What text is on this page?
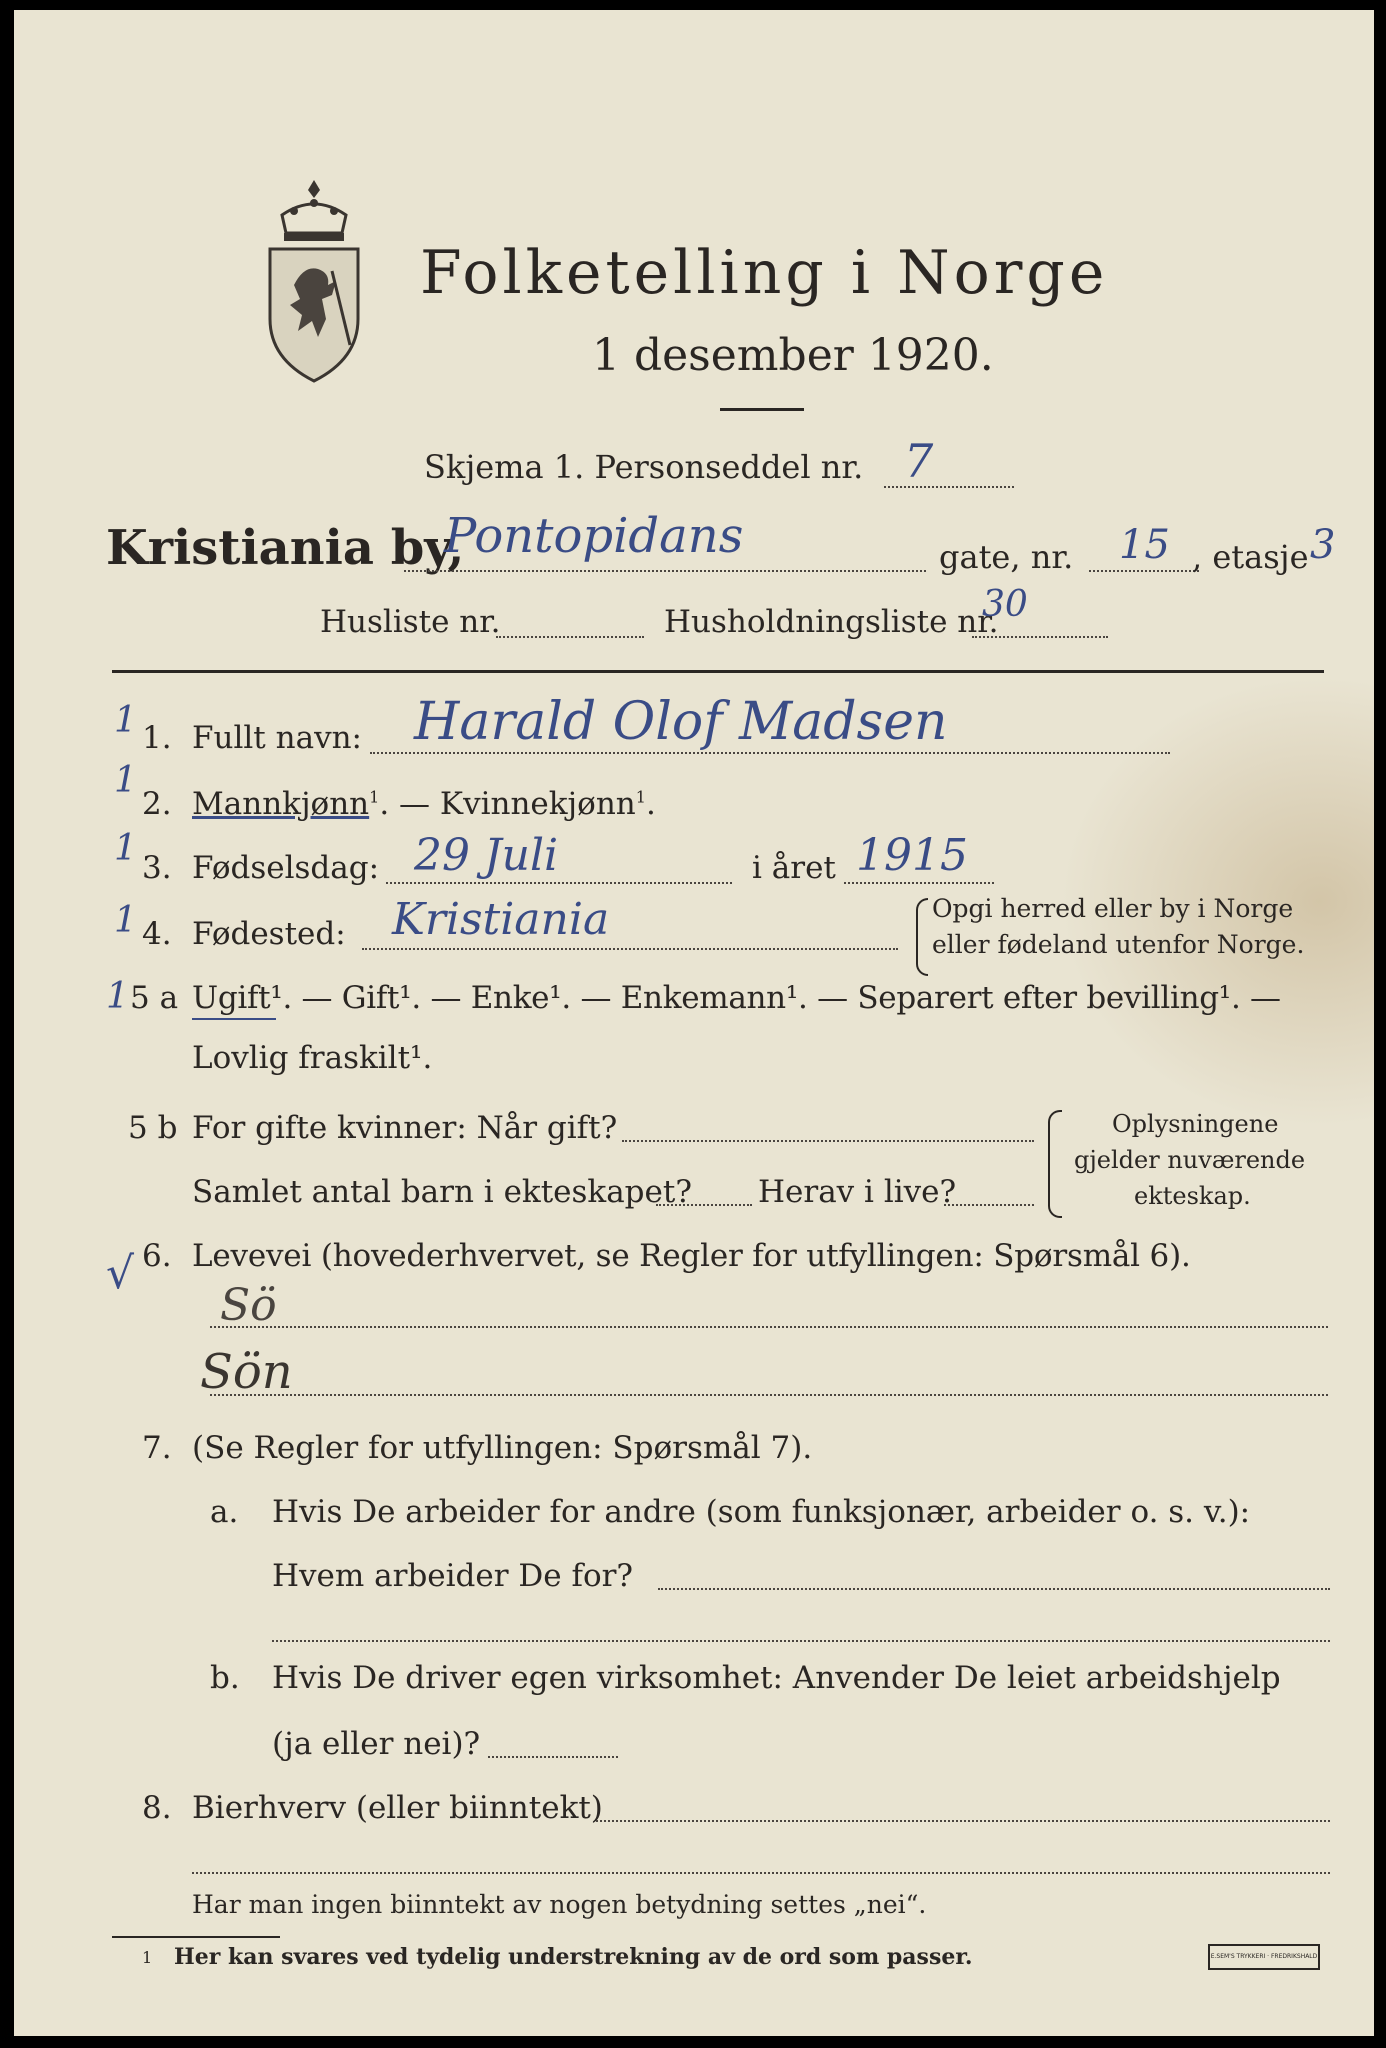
Folketelling i Norge
1 desember 1920.
Skjema 1. Personseddel nr. 7
Kristiania by,
Pontopidans	gate, nr. 15 , etasje 3
Husliste nr.	Husholdningsliste nr.
30
1
1
1
1
1
√
1. Fullt navn: Harald Olof Madsen
2. Mannkjønn$^1$. — Kvinnekjønn$^1$.
3. Fødselsdag: 29 Juli	i året 1915
4. Fødested: Kristiania	Opgi herred eller by i Norge
eller fødeland utenfor Norge.
5 a Ugift¹. — Gift¹. — Enke¹. — Enkemann¹. — Separert efter bevilling¹. —
Lovlig fraskilt¹.
5 b For gifte kvinner: Når gift?
Samlet antal barn i ekteskapet? Herav i live?
Oplysningene
gjelder nuværende
ekteskap.
6. Levevei (hovederhvervet, se Regler for utfyllingen: Spørsmål 6).
Sö
Sön
7. (Se Regler for utfyllingen: Spørsmål 7).
a. Hvis De arbeider for andre (som funksjonær, arbeider o. s. v.):
Hvem arbeider De for?
b. Hvis De driver egen virksomhet: Anvender De leiet arbeidshjelp
(ja eller nei)?
8. Bierhverv (eller biinntekt)
Har man ingen biinntekt av nogen betydning settes „nei“.
1 Her kan svares ved tydelig understrekning av de ord som passer.	E.SEM'S TRYKKERI · FREDRIKSHALD
